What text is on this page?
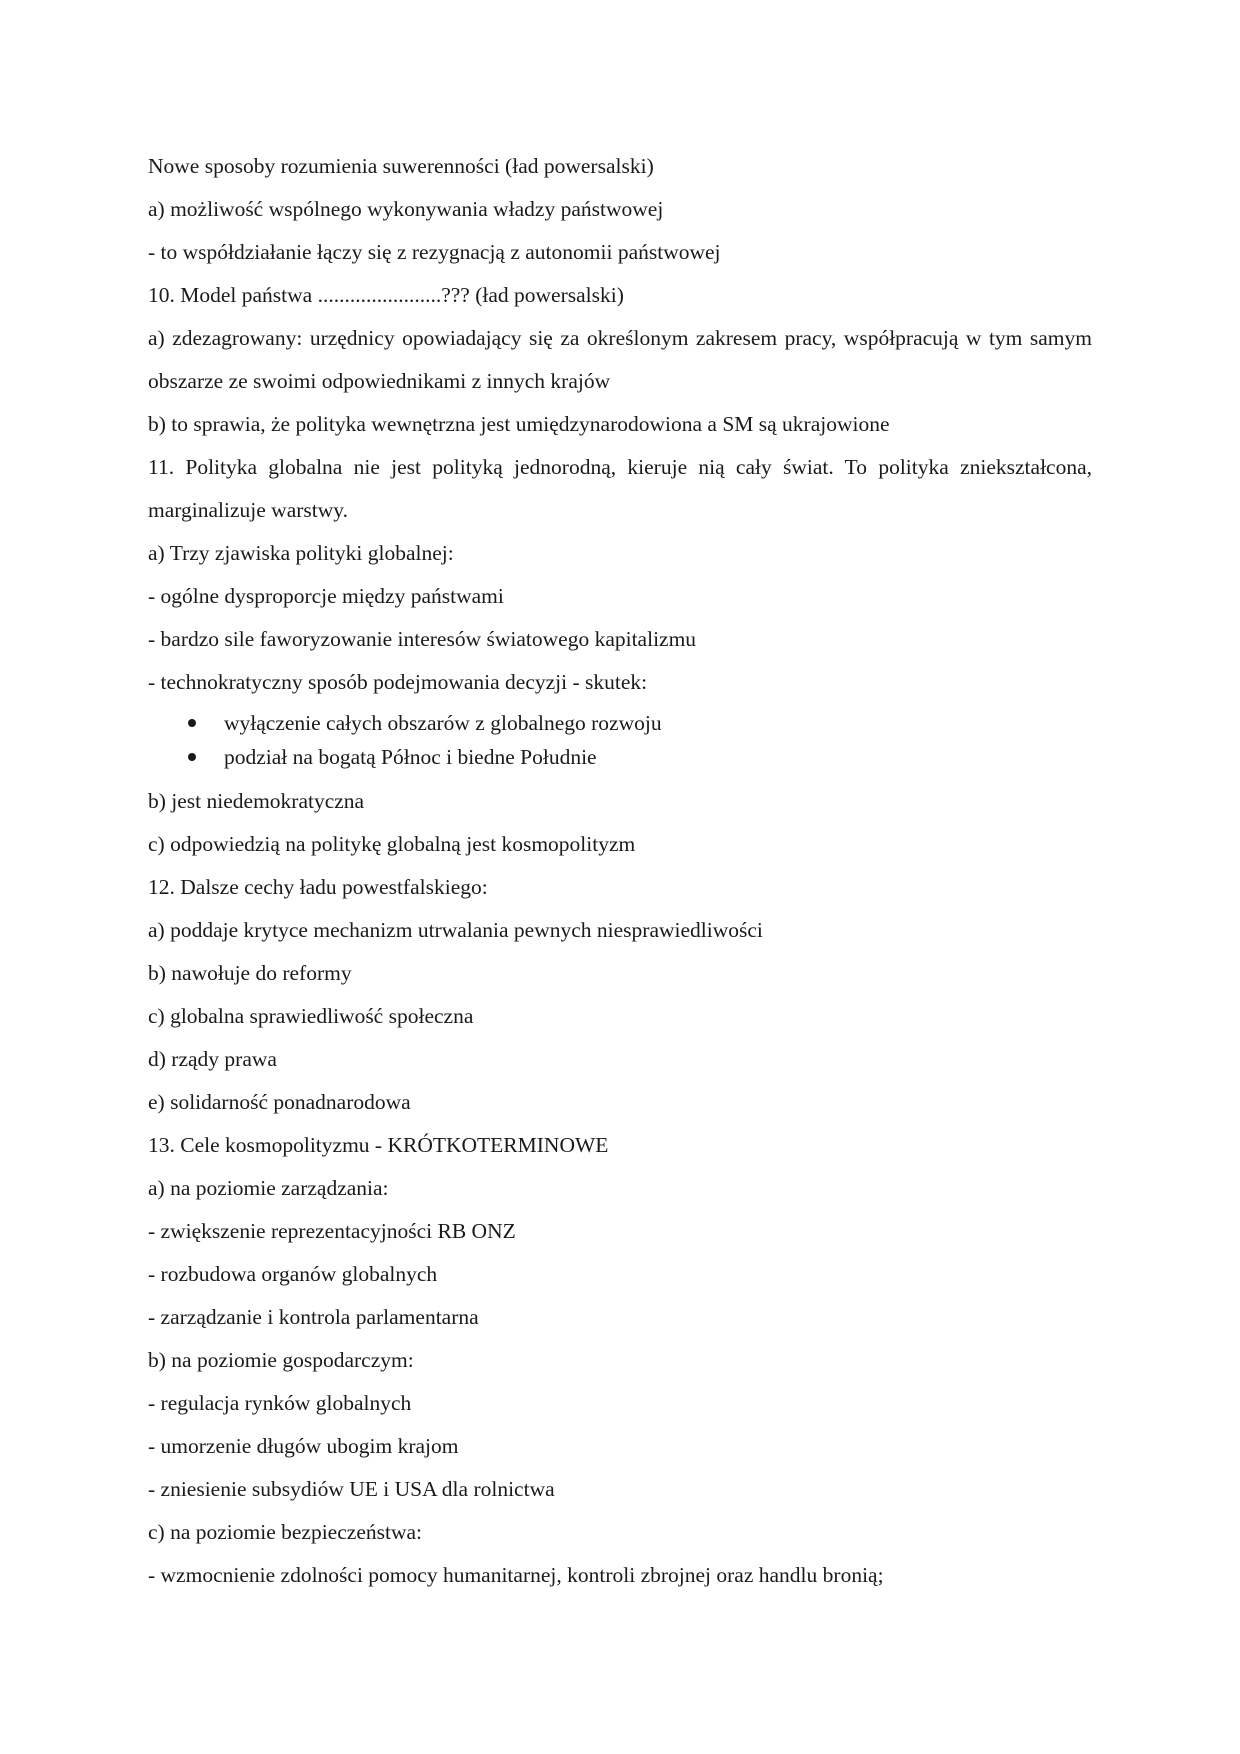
Nowe sposoby rozumienia suwerenności (ład powersalski)

a) możliwość wspólnego wykonywania władzy państwowej

- to współdziałanie łączy się z rezygnacją z autonomii państwowej

10. Model państwa .......................??? (ład powersalski)

a) zdezagrowany: urzędnicy opowiadający się za określonym zakresem pracy, współpracują w tym samym obszarze ze swoimi odpowiednikami z innych krajów

b) to sprawia, że polityka wewnętrzna jest umiędzynarodowiona a SM są ukrajowione

11. Polityka globalna nie jest polityką jednorodną, kieruje nią cały świat. To polityka zniekształcona, marginalizuje warstwy.

a) Trzy zjawiska polityki globalnej:

- ogólne dysproporcje między państwami

- bardzo sile faworyzowanie interesów światowego kapitalizmu

- technokratyczny sposób podejmowania decyzji - skutek:

wyłączenie całych obszarów z globalnego rozwoju
podział na bogatą Północ i biedne Południe

b) jest niedemokratyczna

c) odpowiedzią na politykę globalną jest kosmopolityzm

12. Dalsze cechy ładu powestfalskiego:

a) poddaje krytyce mechanizm utrwalania pewnych niesprawiedliwości

b) nawołuje do reformy

c) globalna sprawiedliwość społeczna

d) rządy prawa

e) solidarność ponadnarodowa

13. Cele kosmopolityzmu - KRÓTKOTERMINOWE

a) na poziomie zarządzania:

- zwiększenie reprezentacyjności RB ONZ

- rozbudowa organów globalnych

- zarządzanie i kontrola parlamentarna

b) na poziomie gospodarczym:

- regulacja rynków globalnych

- umorzenie długów ubogim krajom

- zniesienie subsydiów UE i USA dla rolnictwa

c) na poziomie bezpieczeństwa:

- wzmocnienie zdolności pomocy humanitarnej, kontroli zbrojnej oraz handlu bronią;
